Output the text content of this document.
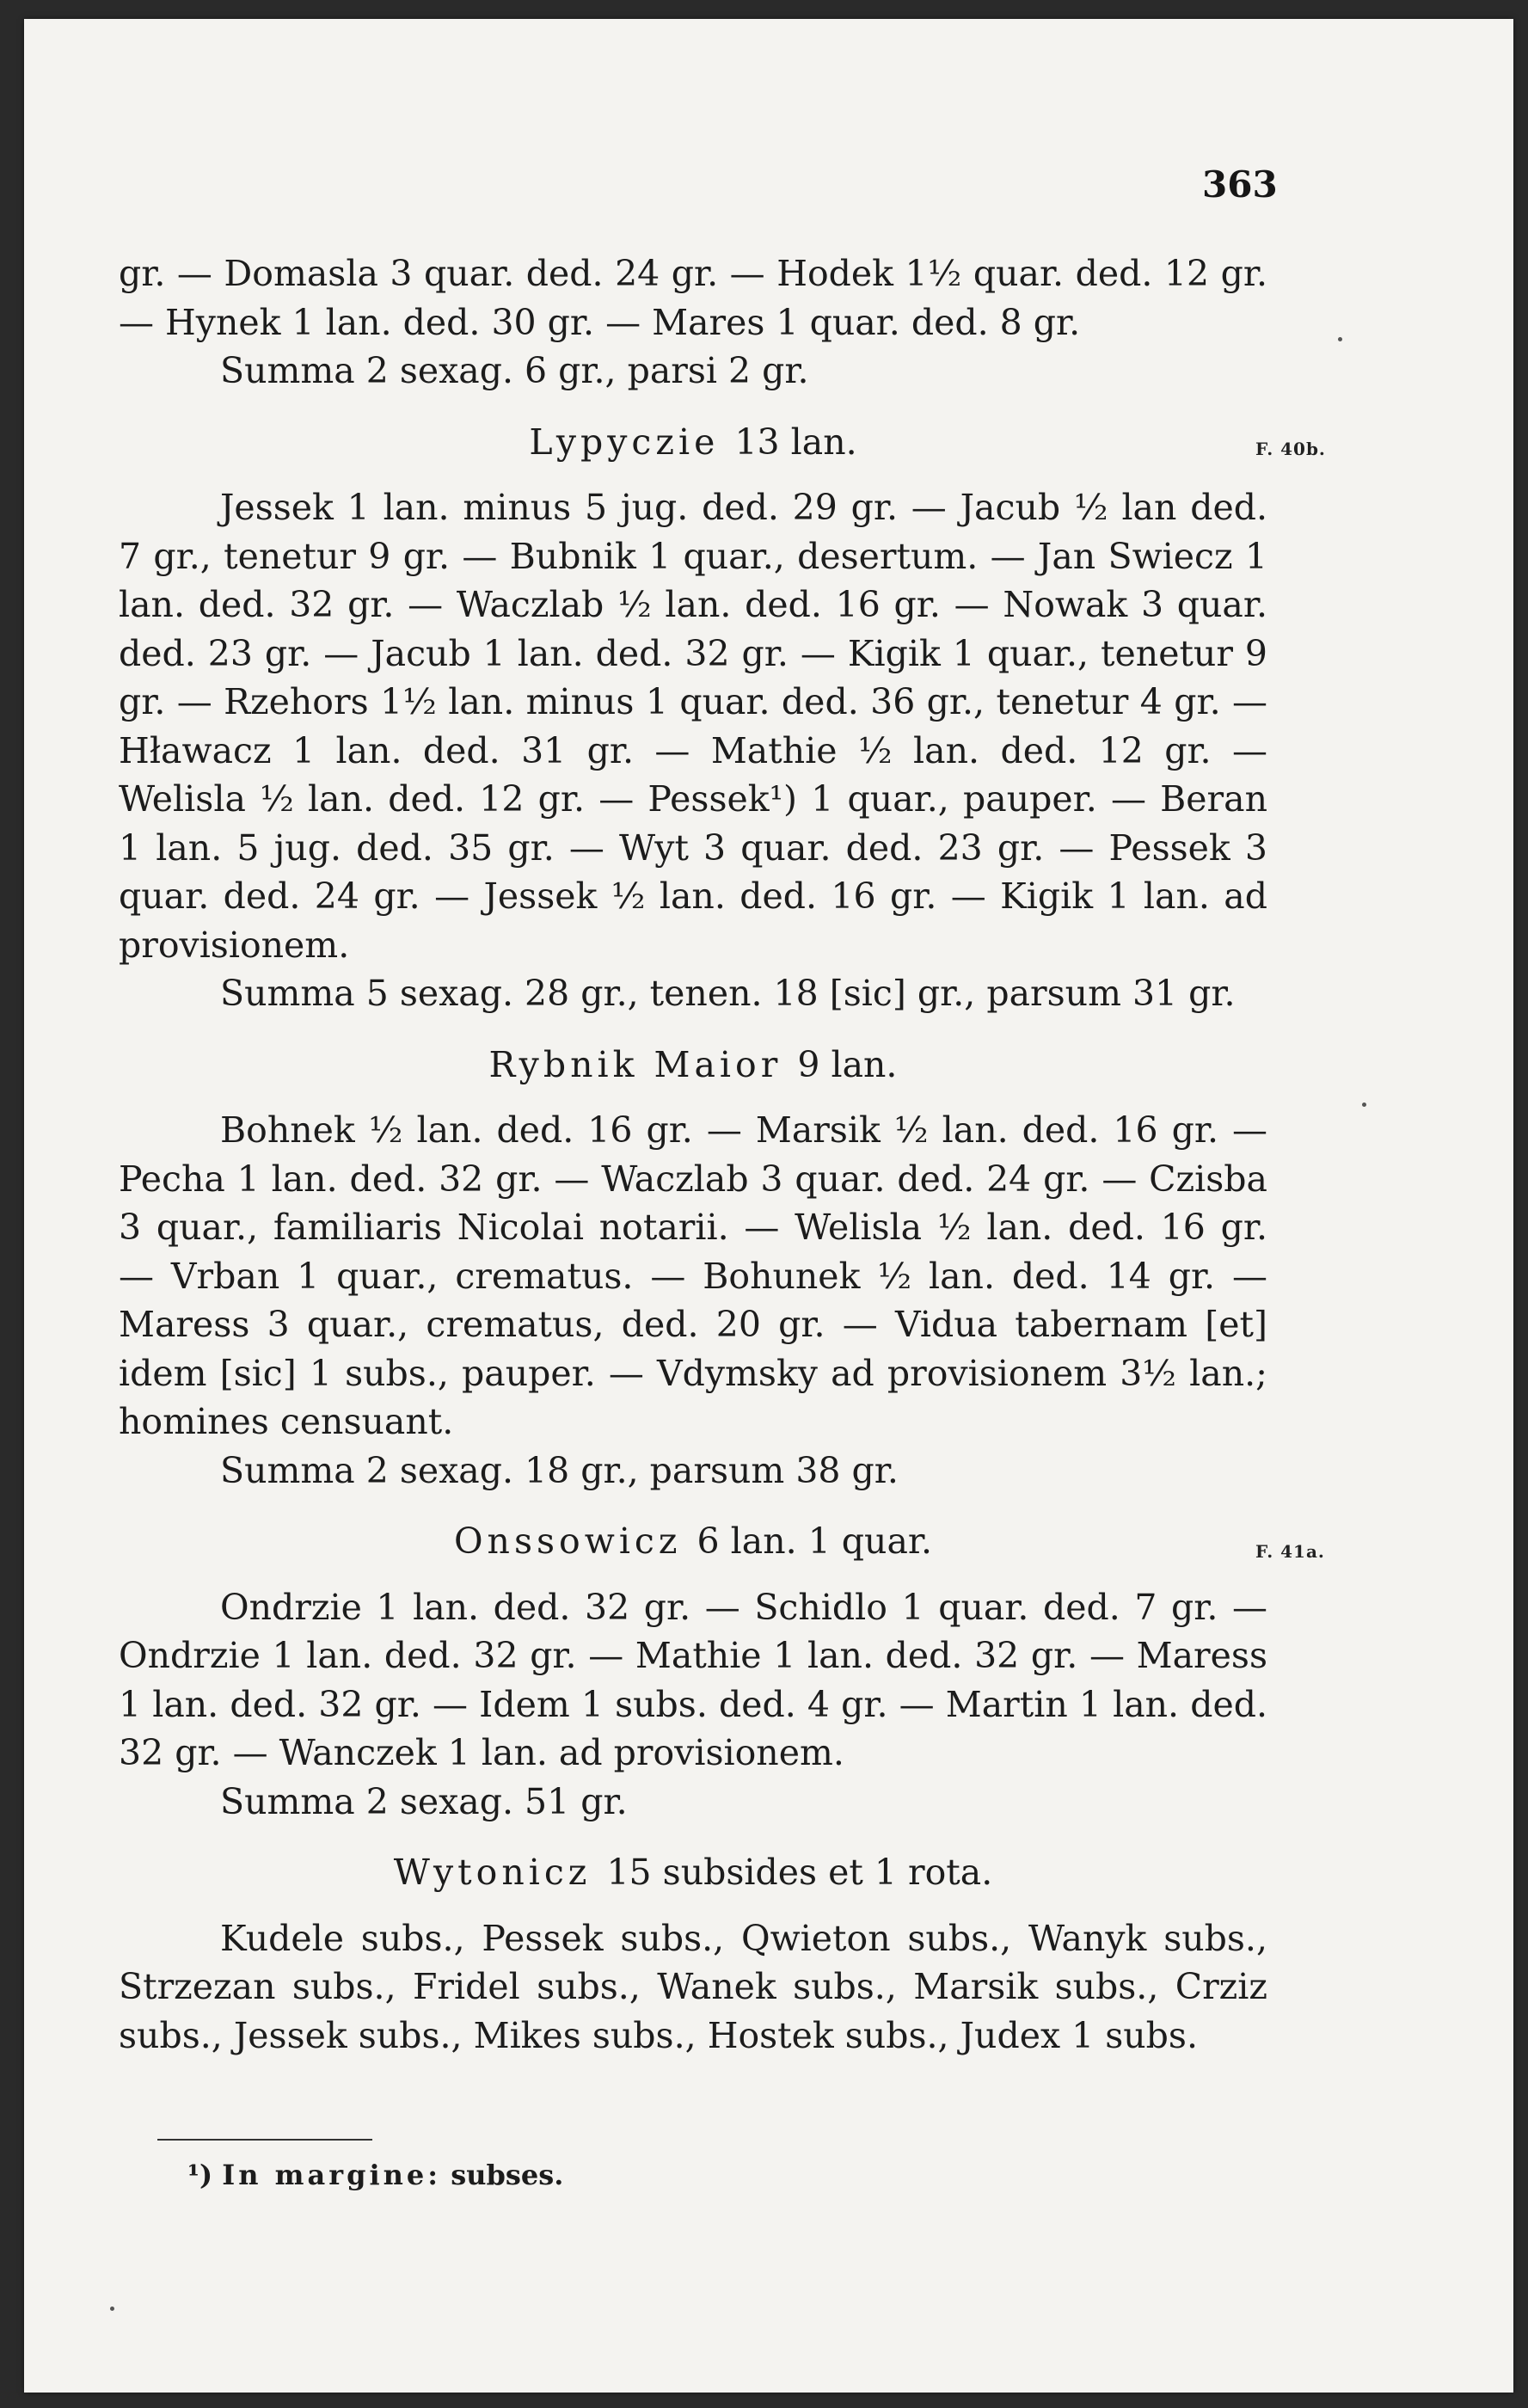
363
F. 40b.
F. 41a.

gr. — Domasla 3 quar. ded. 24 gr. — Hodek 1½ quar. ded. 12 gr. — Hynek 1 lan. ded. 30 gr. — Mares 1 quar. ded. 8 gr.

Summa 2 sexag. 6 gr., parsi 2 gr.

Lypyczie 13 lan.

Jessek 1 lan. minus 5 jug. ded. 29 gr. — Jacub ½ lan ded. 7 gr., tenetur 9 gr. — Bubnik 1 quar., desertum. — Jan Swiecz 1 lan. ded. 32 gr. — Waczlab ½ lan. ded. 16 gr. — Nowak 3 quar. ded. 23 gr. — Jacub 1 lan. ded. 32 gr. — Kigik 1 quar., tenetur 9 gr. — Rzehors 1½ lan. minus 1 quar. ded. 36 gr., tenetur 4 gr. — Hławacz 1 lan. ded. 31 gr. — Mathie ½ lan. ded. 12 gr. — Welisla ½ lan. ded. 12 gr. — Pessek¹) 1 quar., pauper. — Beran 1 lan. 5 jug. ded. 35 gr. — Wyt 3 quar. ded. 23 gr. — Pessek 3 quar. ded. 24 gr. — Jessek ½ lan. ded. 16 gr. — Kigik 1 lan. ad provisionem.

Summa 5 sexag. 28 gr., tenen. 18 [sic] gr., parsum 31 gr.

Rybnik Maior 9 lan.

Bohnek ½ lan. ded. 16 gr. — Marsik ½ lan. ded. 16 gr. — Pecha 1 lan. ded. 32 gr. — Waczlab 3 quar. ded. 24 gr. — Czisba 3 quar., familiaris Nicolai notarii. — Welisla ½ lan. ded. 16 gr. — Vrban 1 quar., crematus. — Bohunek ½ lan. ded. 14 gr. — Maress 3 quar., crematus, ded. 20 gr. — Vidua tabernam [et] idem [sic] 1 subs., pauper. — Vdymsky ad provisionem 3½ lan.; homines censuant.

Summa 2 sexag. 18 gr., parsum 38 gr.

Onssowicz 6 lan. 1 quar.

Ondrzie 1 lan. ded. 32 gr. — Schidlo 1 quar. ded. 7 gr. — Ondrzie 1 lan. ded. 32 gr. — Mathie 1 lan. ded. 32 gr. — Maress 1 lan. ded. 32 gr. — Idem 1 subs. ded. 4 gr. — Martin 1 lan. ded. 32 gr. — Wanczek 1 lan. ad provisionem.

Summa 2 sexag. 51 gr.

Wytonicz 15 subsides et 1 rota.

Kudele subs., Pessek subs., Qwieton subs., Wanyk subs., Strzezan subs., Fridel subs., Wanek subs., Marsik subs., Crziz subs., Jessek subs., Mikes subs., Hostek subs., Judex 1 subs.

¹) In margine: subses.
